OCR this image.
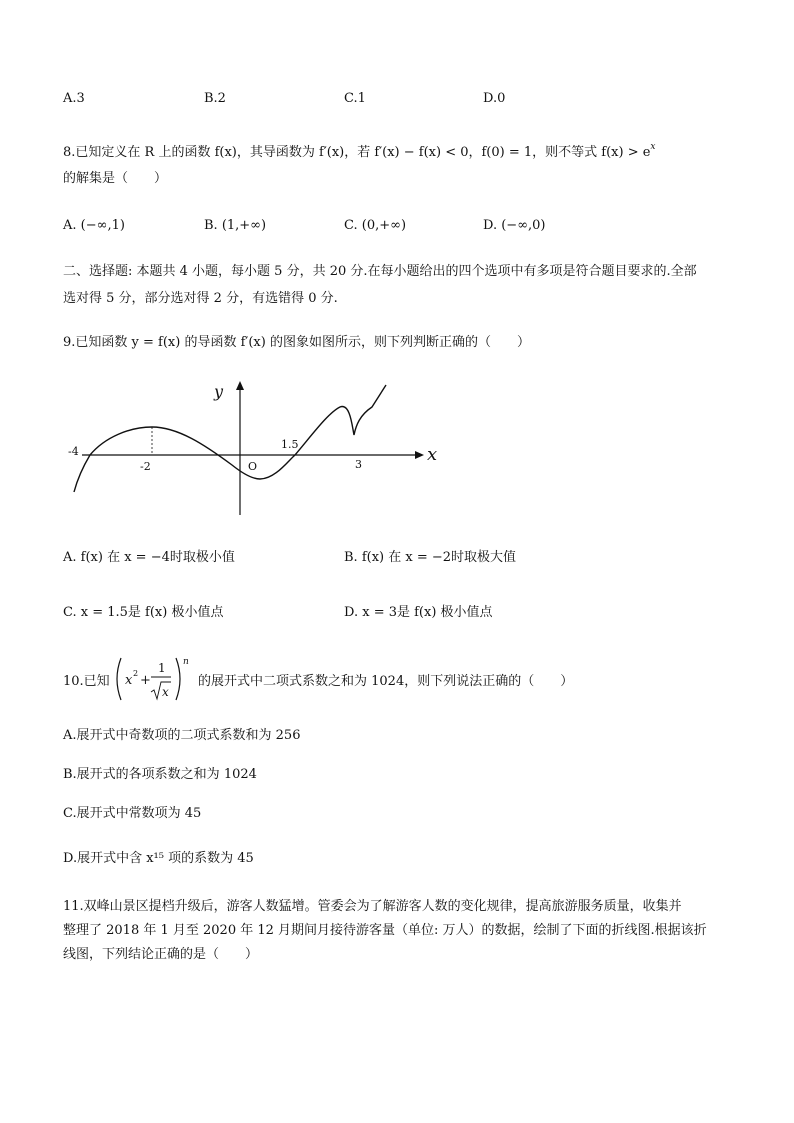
A.3	B.2	C.1	D.0
8.已知定义在 R 上的函数 f(x)，其导函数为 f′(x)，若 f′(x) − f(x) < 0，f(0) = 1，则不等式 $f(x) > e^x$
的解集是（　　）
A. (−∞,1)	B. (1,+∞)	C. (0,+∞)	D. (−∞,0)
二、选择题: 本题共 4 小题，每小题 5 分，共 20 分.在每小题给出的四个选项中有多项是符合题目要求的.全部
选对得 5 分，部分选对得 2 分，有选错得 0 分.
9.已知函数 y = f(x) 的导函数 f′(x) 的图象如图所示，则下列判断正确的（　　）
y
x
-4
-2	O
1.5
3
A. f(x) 在 x = −4时取极小值	B. f(x) 在 x = −2时取极大值
C. x = 1.5是 f(x) 极小值点	D. x = 3是 f(x) 极小值点
10.已知 x 2 +
1
x
n
的展开式中二项式系数之和为 1024，则下列说法正确的（　　）
A.展开式中奇数项的二项式系数和为 256
B.展开式的各项系数之和为 1024
C.展开式中常数项为 45
D.展开式中含 x¹⁵ 项的系数为 45
11.双峰山景区提档升级后，游客人数猛增。管委会为了解游客人数的变化规律，提高旅游服务质量，收集并
整理了 2018 年 1 月至 2020 年 12 月期间月接待游客量（单位: 万人）的数据，绘制了下面的折线图.根据该折
线图，下列结论正确的是（　　）
